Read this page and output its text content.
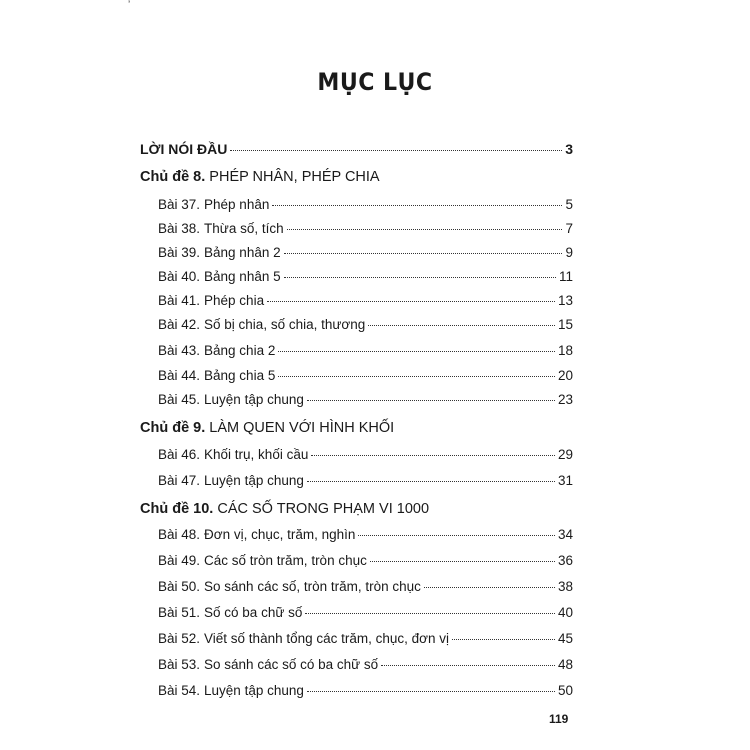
ʼ
MỤC LỤC
LỜI NÓI ĐẦU	3
Chủ đề 8. PHÉP NHÂN, PHÉP CHIA
Bài 37. Phép nhân	5
Bài 38. Thừa số, tích	7
Bài 39. Bảng nhân 2	9
Bài 40. Bảng nhân 5	11
Bài 41. Phép chia	13
Bài 42. Số bị chia, số chia, thương	15
Bài 43. Bảng chia 2	18
Bài 44. Bảng chia 5	20
Bài 45. Luyện tập chung	23
Chủ đề 9. LÀM QUEN VỚI HÌNH KHỐI
Bài 46. Khối trụ, khối cầu	29
Bài 47. Luyện tập chung	31
Chủ đề 10. CÁC SỐ TRONG PHẠM VI 1000
Bài 48. Đơn vị, chục, trăm, nghìn	34
Bài 49. Các số tròn trăm, tròn chục	36
Bài 50. So sánh các số, tròn trăm, tròn chục	38
Bài 51. Số có ba chữ số	40
Bài 52. Viết số thành tổng các trăm, chục, đơn vị	45
Bài 53. So sánh các số có ba chữ số	48
Bài 54. Luyện tập chung	50
119
